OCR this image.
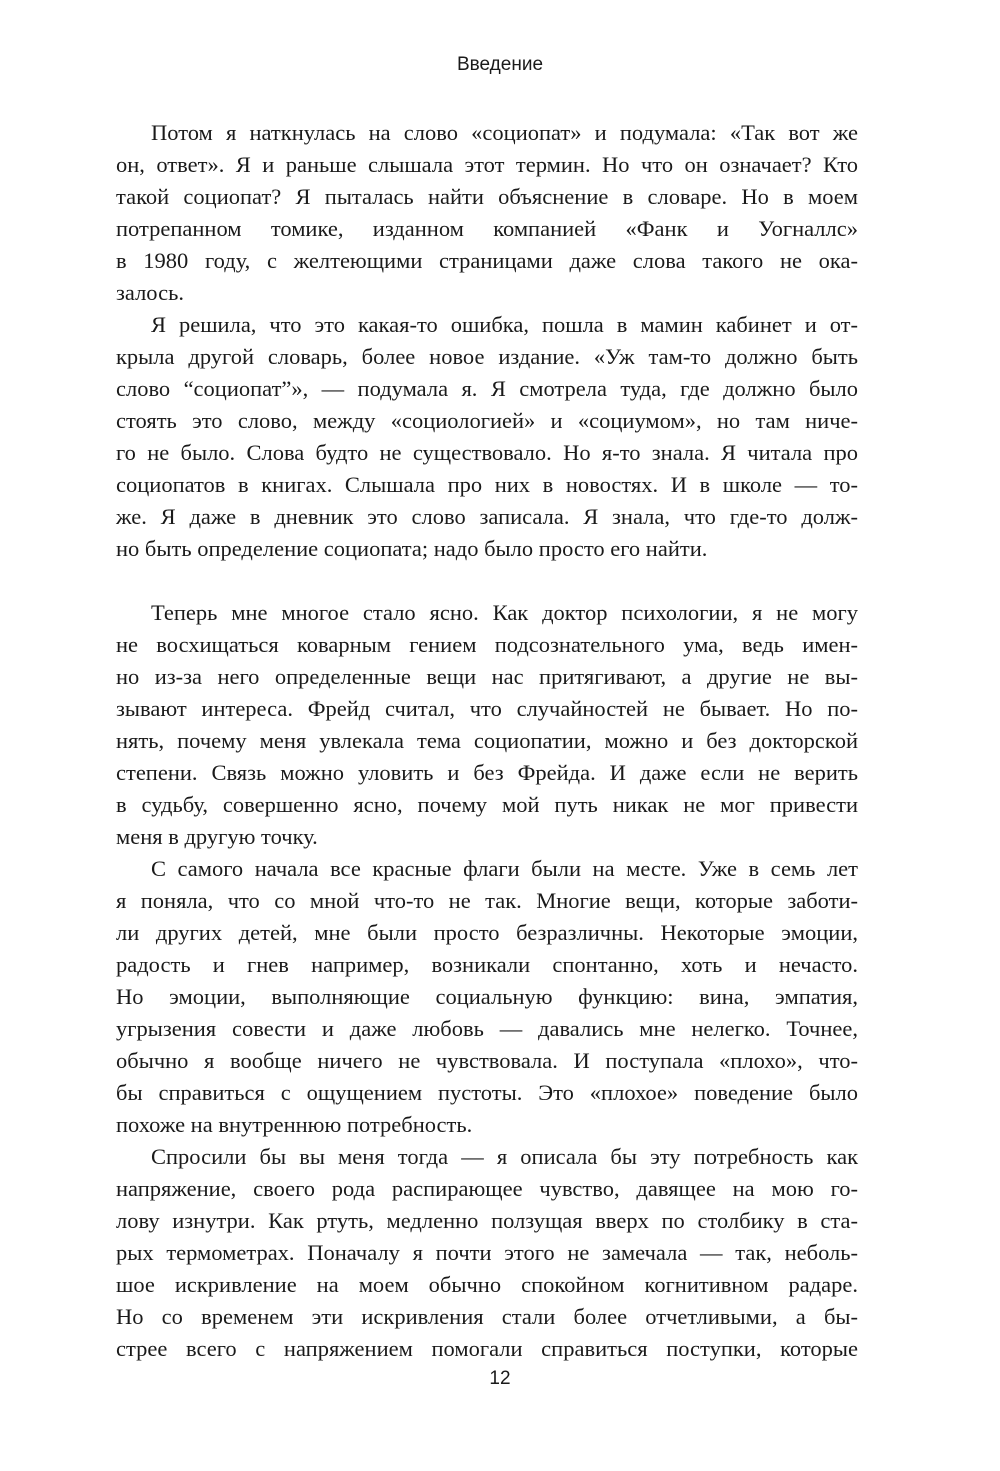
Введение
Потом я наткнулась на слово «социопат» и подумала: «Так вот же
он, ответ». Я и раньше слышала этот термин. Но что он означает? Кто
такой социопат? Я пыталась найти объяснение в словаре. Но в моем
потрепанном томике, изданном компанией «Фанк и Уогналлс»
в 1980 году, с желтеющими страницами даже слова такого не ока-
залось.
Я решила, что это какая-то ошибка, пошла в мамин кабинет и от-
крыла другой словарь, более новое издание. «Уж там-то должно быть
слово “социопат”», — подумала я. Я смотрела туда, где должно было
стоять это слово, между «социологией» и «социумом», но там ниче-
го не было. Слова будто не существовало. Но я-то знала. Я читала про
социопатов в книгах. Слышала про них в новостях. И в школе — то-
же. Я даже в дневник это слово записала. Я знала, что где-то долж-
но быть определение социопата; надо было просто его найти.
Теперь мне многое стало ясно. Как доктор психологии, я не могу
не восхищаться коварным гением подсознательного ума, ведь имен-
но из-за него определенные вещи нас притягивают, а другие не вы-
зывают интереса. Фрейд считал, что случайностей не бывает. Но по-
нять, почему меня увлекала тема социопатии, можно и без докторской
степени. Связь можно уловить и без Фрейда. И даже если не верить
в судьбу, совершенно ясно, почему мой путь никак не мог привести
меня в другую точку.
С самого начала все красные флаги были на месте. Уже в семь лет
я поняла, что со мной что-то не так. Многие вещи, которые заботи-
ли других детей, мне были просто безразличны. Некоторые эмоции,
радость и гнев например, возникали спонтанно, хоть и нечасто.
Но эмоции, выполняющие социальную функцию: вина, эмпатия,
угрызения совести и даже любовь — давались мне нелегко. Точнее,
обычно я вообще ничего не чувствовала. И поступала «плохо», что-
бы справиться с ощущением пустоты. Это «плохое» поведение было
похоже на внутреннюю потребность.
Спросили бы вы меня тогда — я описала бы эту потребность как
напряжение, своего рода распирающее чувство, давящее на мою го-
лову изнутри. Как ртуть, медленно ползущая вверх по столбику в ста-
рых термометрах. Поначалу я почти этого не замечала — так, неболь-
шое искривление на моем обычно спокойном когнитивном радаре.
Но со временем эти искривления стали более отчетливыми, а бы-
стрее всего с напряжением помогали справиться поступки, которые
12
